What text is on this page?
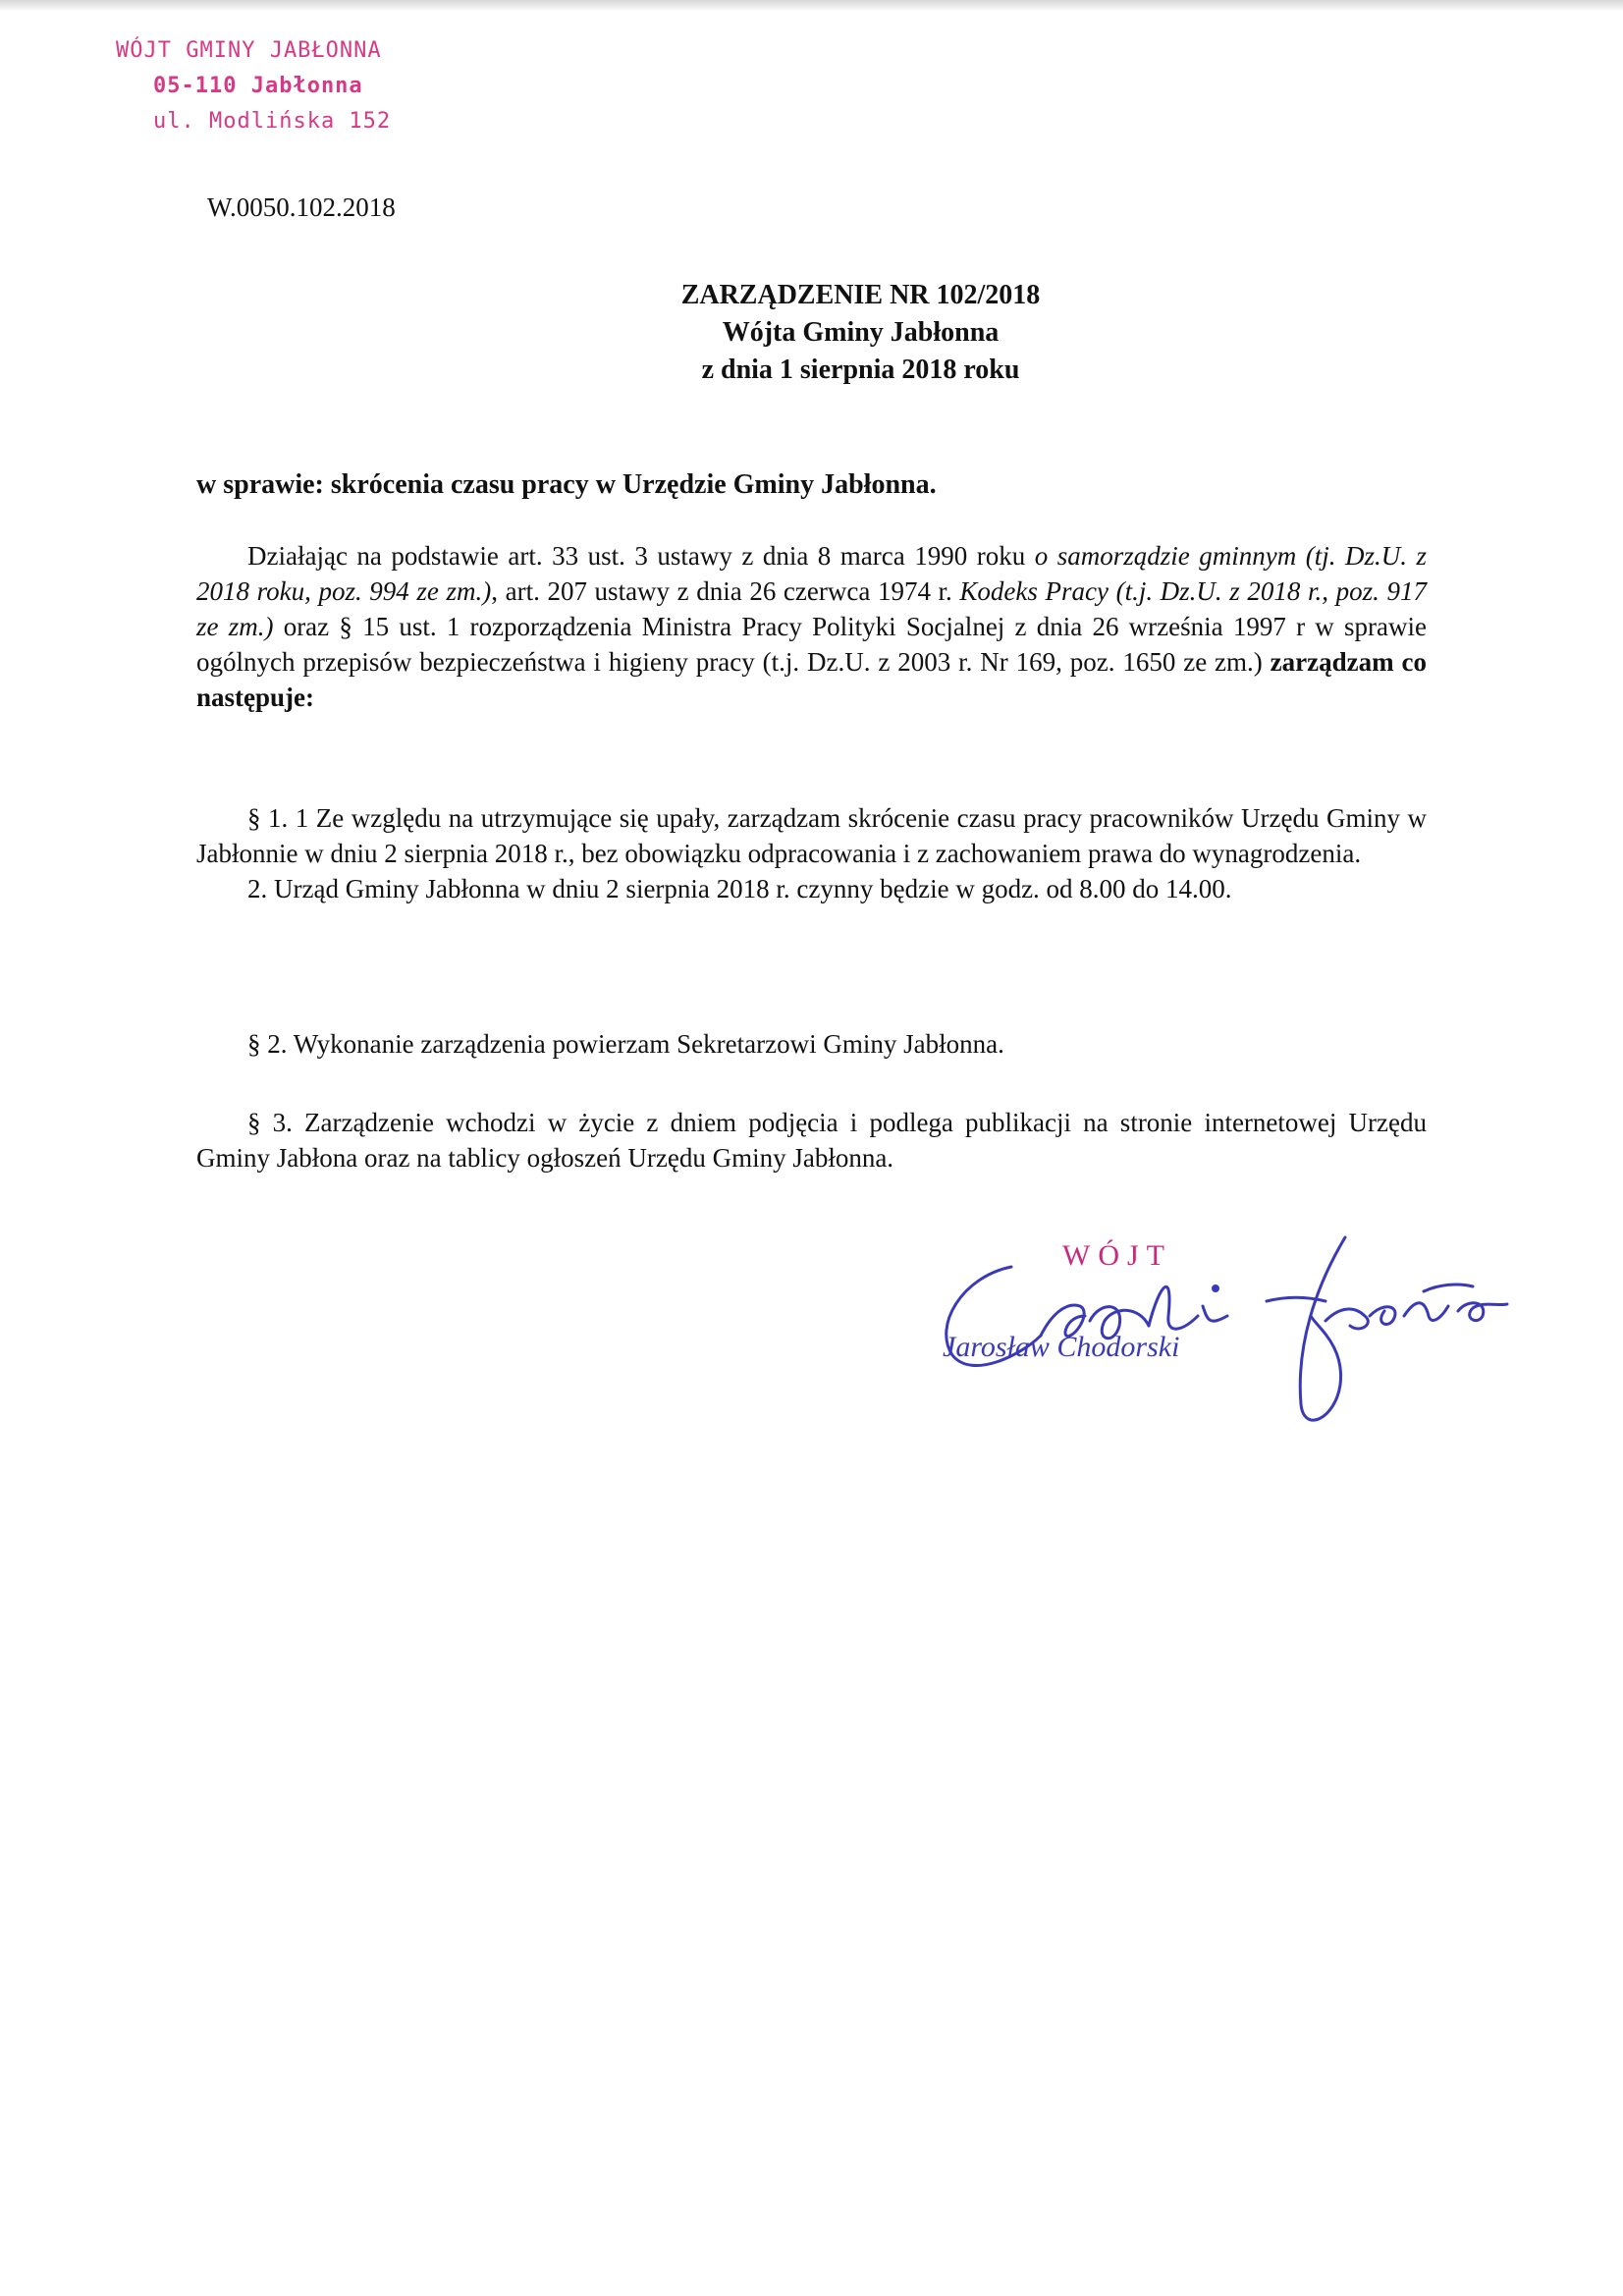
WÓJT GMINY JABŁONNA
05-110 Jabłonna
ul. Modlińska 152
W.0050.102.2018
ZARZĄDZENIE NR 102/2018
Wójta Gminy Jabłonna
z dnia 1 sierpnia 2018 roku
w sprawie: skrócenia czasu pracy w Urzędzie Gminy Jabłonna.
Działając na podstawie art. 33 ust. 3 ustawy z dnia 8 marca 1990 roku o samorządzie gminnym (tj. Dz.U. z 2018 roku, poz. 994 ze zm.), art. 207 ustawy z dnia 26 czerwca 1974 r. Kodeks Pracy (t.j. Dz.U. z 2018 r., poz. 917 ze zm.) oraz § 15 ust. 1 rozporządzenia Ministra Pracy Polityki Socjalnej z dnia 26 września 1997 r w sprawie ogólnych przepisów bezpieczeństwa i higieny pracy (t.j. Dz.U. z 2003 r. Nr 169, poz. 1650 ze zm.) zarządzam co następuje:

§ 1. 1 Ze względu na utrzymujące się upały, zarządzam skrócenie czasu pracy pracowników Urzędu Gminy w Jabłonnie w dniu 2 sierpnia 2018 r., bez obowiązku odpracowania i z zachowaniem prawa do wynagrodzenia.

2. Urząd Gminy Jabłonna w dniu 2 sierpnia 2018 r. czynny będzie w godz. od 8.00 do 14.00.

§ 2. Wykonanie zarządzenia powierzam Sekretarzowi Gminy Jabłonna.
§ 3. Zarządzenie wchodzi w życie z dniem podjęcia i podlega publikacji na stronie internetowej Urzędu Gminy Jabłona oraz na tablicy ogłoszeń Urzędu Gminy Jabłonna.
WÓJT
Jarosław Chodorski
